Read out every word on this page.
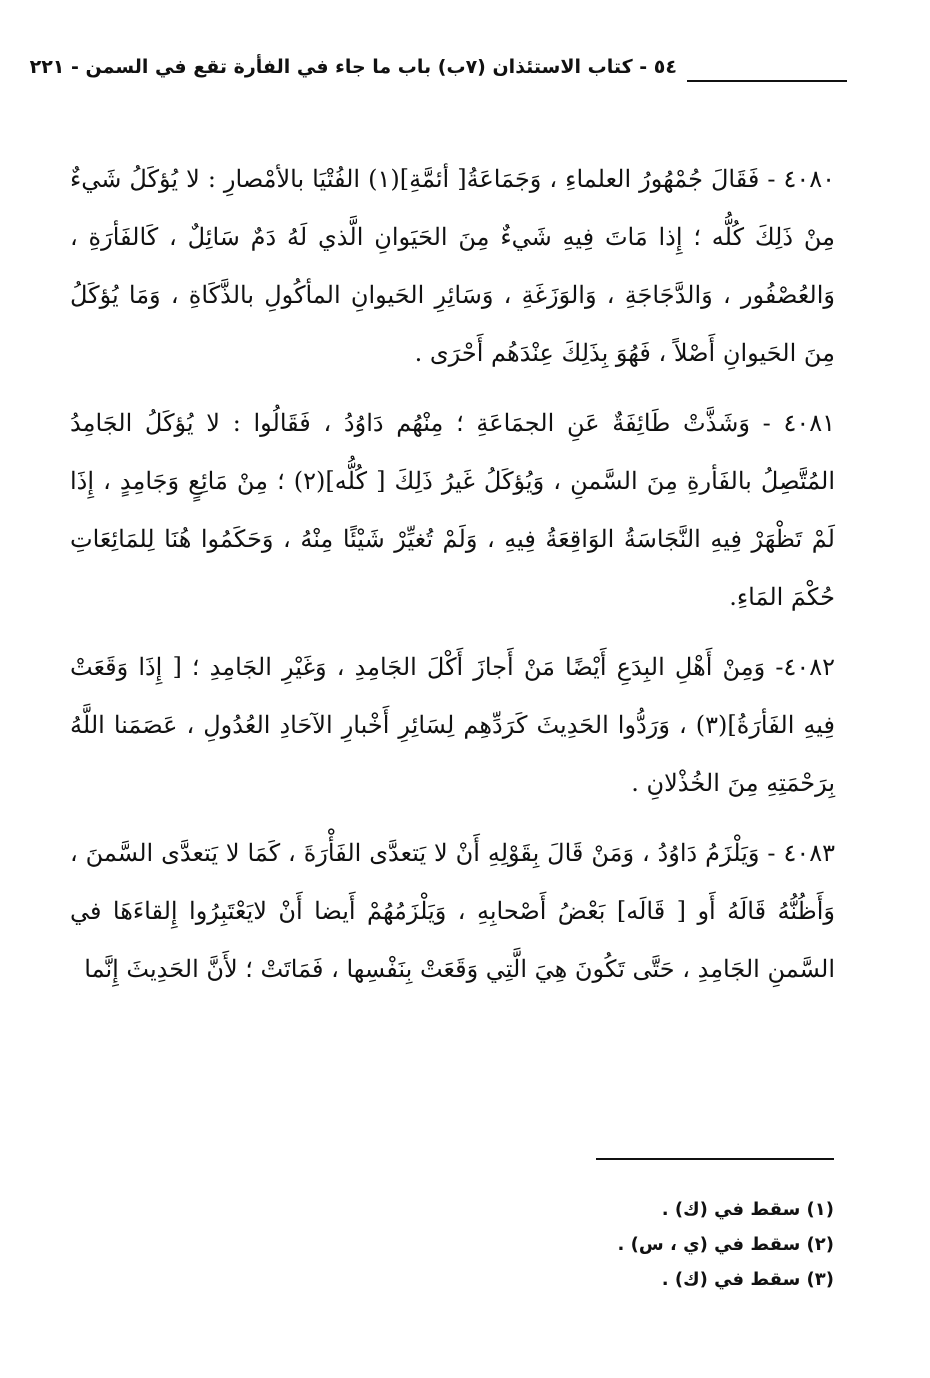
٥٤ - كتاب الاستئذان (٧ب) باب ما جاء في الفأرة تقع في السمن - ٢٢١

٤٠٨٠ - فَقَالَ جُمْهُورُ العلماءِ ، وَجَمَاعَةُ[ أئمَّةِ](١) الفُتْيَا بالأمْصارِ : لا يُؤكَلُ شَيءٌ مِنْ ذَلِكَ كُلُّه ؛ إِذا مَاتَ فِيهِ شَيءٌ مِنَ الحَيَوانِ الَّذي لَهُ دَمٌ سَائِلٌ ، كَالفَأرَةِ ، وَالعُصْفُور ، وَالدَّجَاجَةِ ، وَالوَزَغَةِ ، وَسَائِرِ الحَيوانِ المأكُولِ بالذَّكَاةِ ، وَمَا يُؤكَلُ مِنَ الحَيوانِ أَصْلاً ، فَهُوَ بِذَلِكَ عِنْدَهُم أَحْرَى .

٤٠٨١ - وَشَذَّتْ طَائِفَةٌ عَنِ الجمَاعَةِ ؛ مِنْهُم دَاوُدُ ، فَقَالُوا : لا يُؤكَلُ الجَامِدُ المُتَّصِلُ بالفَأرةِ مِنَ السَّمنِ ، وَيُؤكَلُ غَيرُ ذَلِكَ [ كُلُّه](٢) ؛ مِنْ مَائِعٍ وَجَامِدٍ ، إِذَا لَمْ تَظْهَرْ فِيهِ النَّجَاسَةُ الوَاقِعَةُ فِيهِ ، وَلَمْ تُغيِّرْ شَيْئًا مِنْهُ ، وَحَكَمُوا هُنَا لِلمَائِعَاتِ حُكْمَ المَاءِ.

٤٠٨٢- وَمِنْ أَهْلِ البِدَعِ أَيْضًا مَنْ أَجازَ أَكْلَ الجَامِدِ ، وَغَيْرِ الجَامِدِ ؛ [ إِذَا وَقَعَتْ فِيهِ الفَأرَةُ](٣) ، وَرَدُّوا الحَدِيثَ كَرَدِّهِم لِسَائِرِ أَخْبارِ الآحَادِ العُدُولِ ، عَصَمَنا اللَّهُ بِرَحْمَتِهِ مِنَ الخُذْلانِ .

٤٠٨٣ - وَيَلْزَمُ دَاوُدُ ، وَمَنْ قَالَ بِقَوْلِهِ أَنْ لا يَتعدَّى الفَأْرَةَ ، كَمَا لا يَتعدَّى السَّمنَ ، وَأَظُنُّهُ قَالَهُ أَو [ قَالَه] بَعْضُ أَصْحابِهِ ، وَيَلْزَمُهُمْ أَيضا أَنْ لايَعْتَبِرُوا إِلقاءَهَا في السَّمنِ الجَامِدِ ، حَتَّى تَكُونَ هِيَ الَّتِي وَقَعَتْ بِنَفْسِها ، فَمَاتَتْ ؛ لأَنَّ الحَدِيثَ إِنَّما

(١) سقط في (ك) .

(٢) سقط في (ي ، س) .

(٣) سقط في (ك) .
